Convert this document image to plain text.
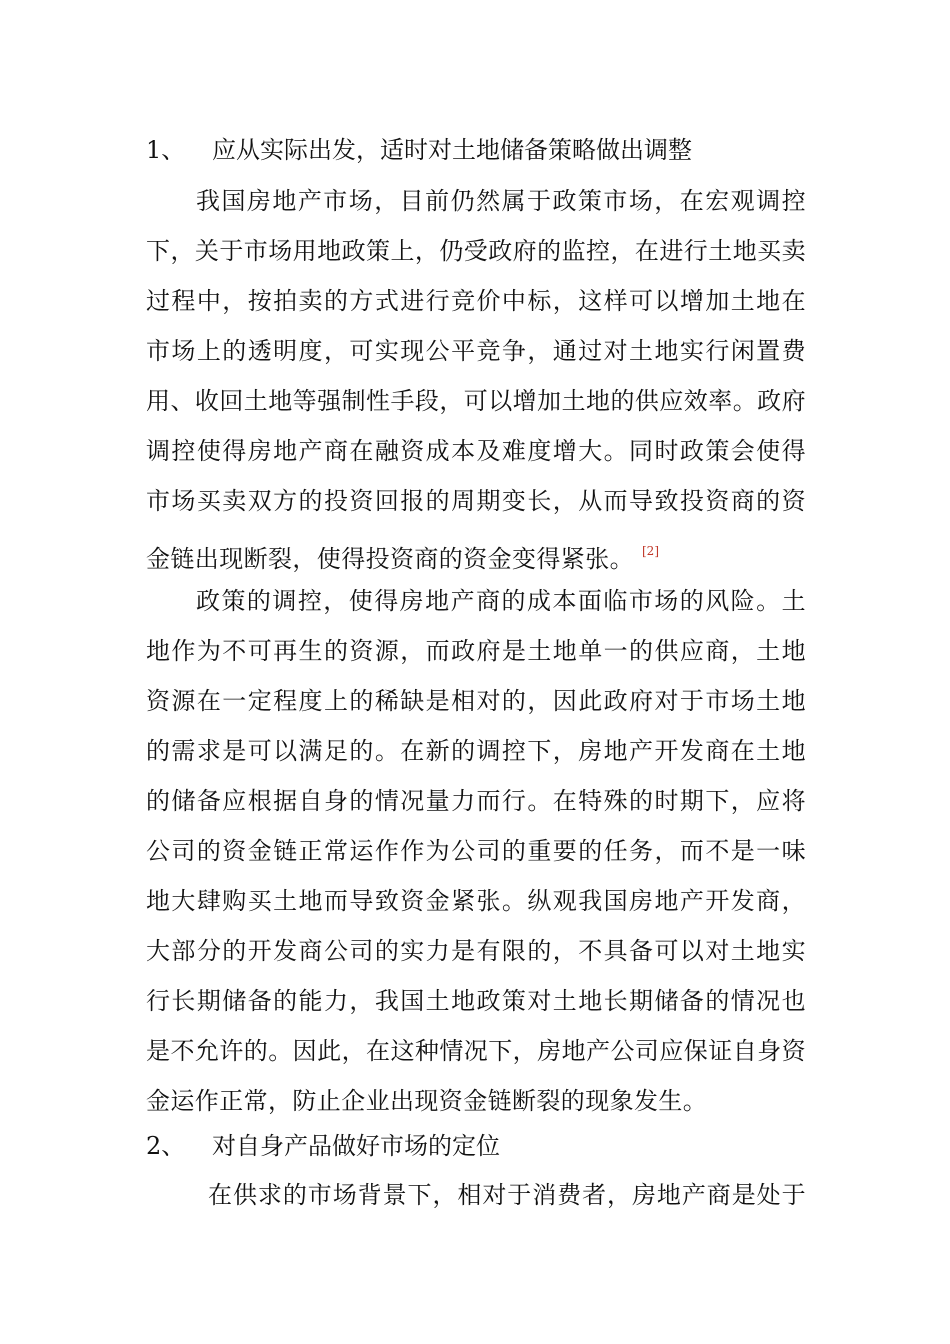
1、 应从实际出发，适时对土地储备策略做出调整
我国房地产市场，目前仍然属于政策市场，在宏观调控
下，关于市场用地政策上，仍受政府的监控，在进行土地买卖
过程中，按拍卖的方式进行竞价中标，这样可以增加土地在
市场上的透明度，可实现公平竞争，通过对土地实行闲置费
用、收回土地等强制性手段，可以增加土地的供应效率。政府
调控使得房地产商在融资成本及难度增大。同时政策会使得
市场买卖双方的投资回报的周期变长，从而导致投资商的资
金链出现断裂，使得投资商的资金变得紧张。 [2]
政策的调控，使得房地产商的成本面临市场的风险。土
地作为不可再生的资源，而政府是土地单一的供应商，土地
资源在一定程度上的稀缺是相对的，因此政府对于市场土地
的需求是可以满足的。在新的调控下，房地产开发商在土地
的储备应根据自身的情况量力而行。在特殊的时期下，应将
公司的资金链正常运作作为公司的重要的任务，而不是一味
地大肆购买土地而导致资金紧张。纵观我国房地产开发商，
大部分的开发商公司的实力是有限的，不具备可以对土地实
行长期储备的能力，我国土地政策对土地长期储备的情况也
是不允许的。因此，在这种情况下，房地产公司应保证自身资
金运作正常，防止企业出现资金链断裂的现象发生。
2、 对自身产品做好市场的定位
在供求的市场背景下，相对于消费者，房地产商是处于
